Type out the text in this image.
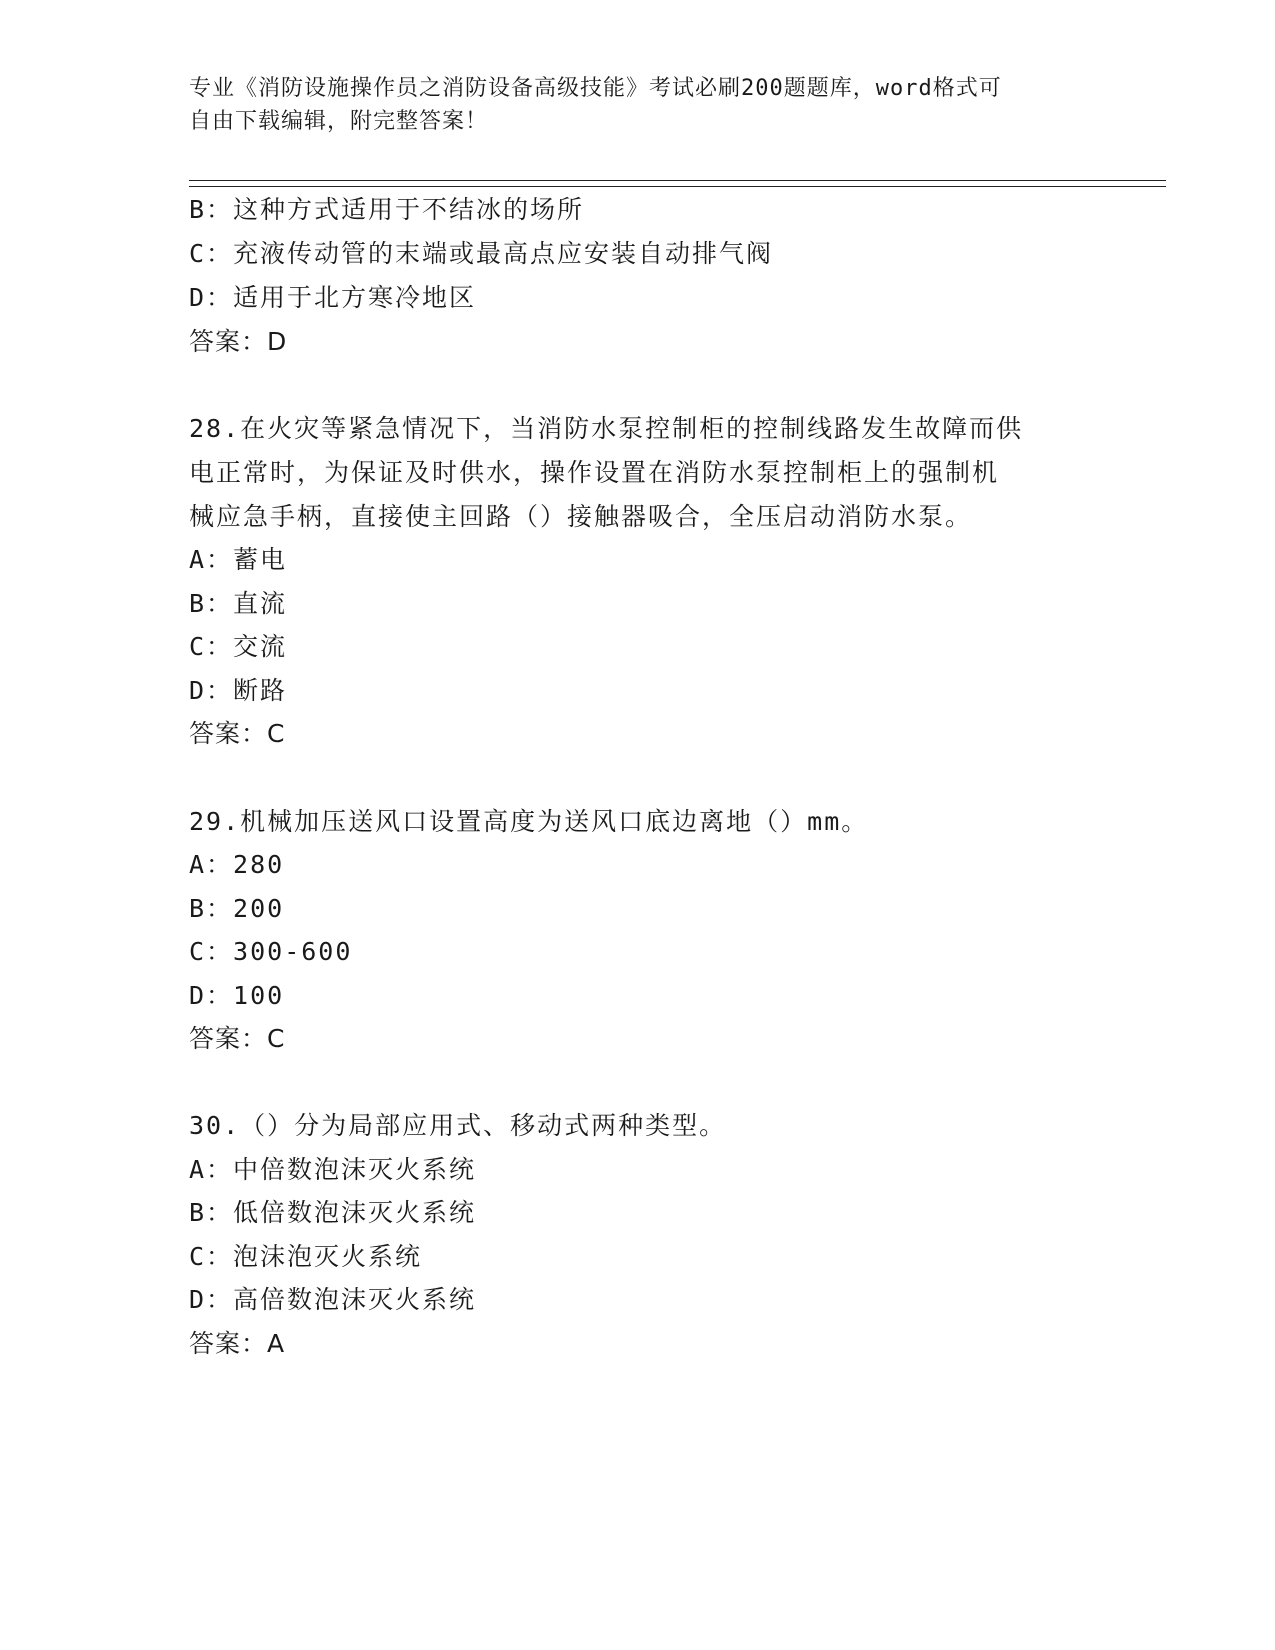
专业《消防设施操作员之消防设备高级技能》考试必刷200题题库，word格式可
自由下载编辑，附完整答案！
B：这种方式适用于不结冰的场所
C：充液传动管的末端或最高点应安装自动排气阀
D：适用于北方寒冷地区
答案：D
28.在火灾等紧急情况下，当消防水泵控制柜的控制线路发生故障而供
电正常时，为保证及时供水，操作设置在消防水泵控制柜上的强制机
械应急手柄，直接使主回路（）接触器吸合，全压启动消防水泵。
A：蓄电
B：直流
C：交流
D：断路
答案：C
29.机械加压送风口设置高度为送风口底边离地（）mm。
A：280
B：200
C：300-600
D：100
答案：C
30.（）分为局部应用式、移动式两种类型。
A：中倍数泡沫灭火系统
B：低倍数泡沫灭火系统
C：泡沫泡灭火系统
D：高倍数泡沫灭火系统
答案：A
